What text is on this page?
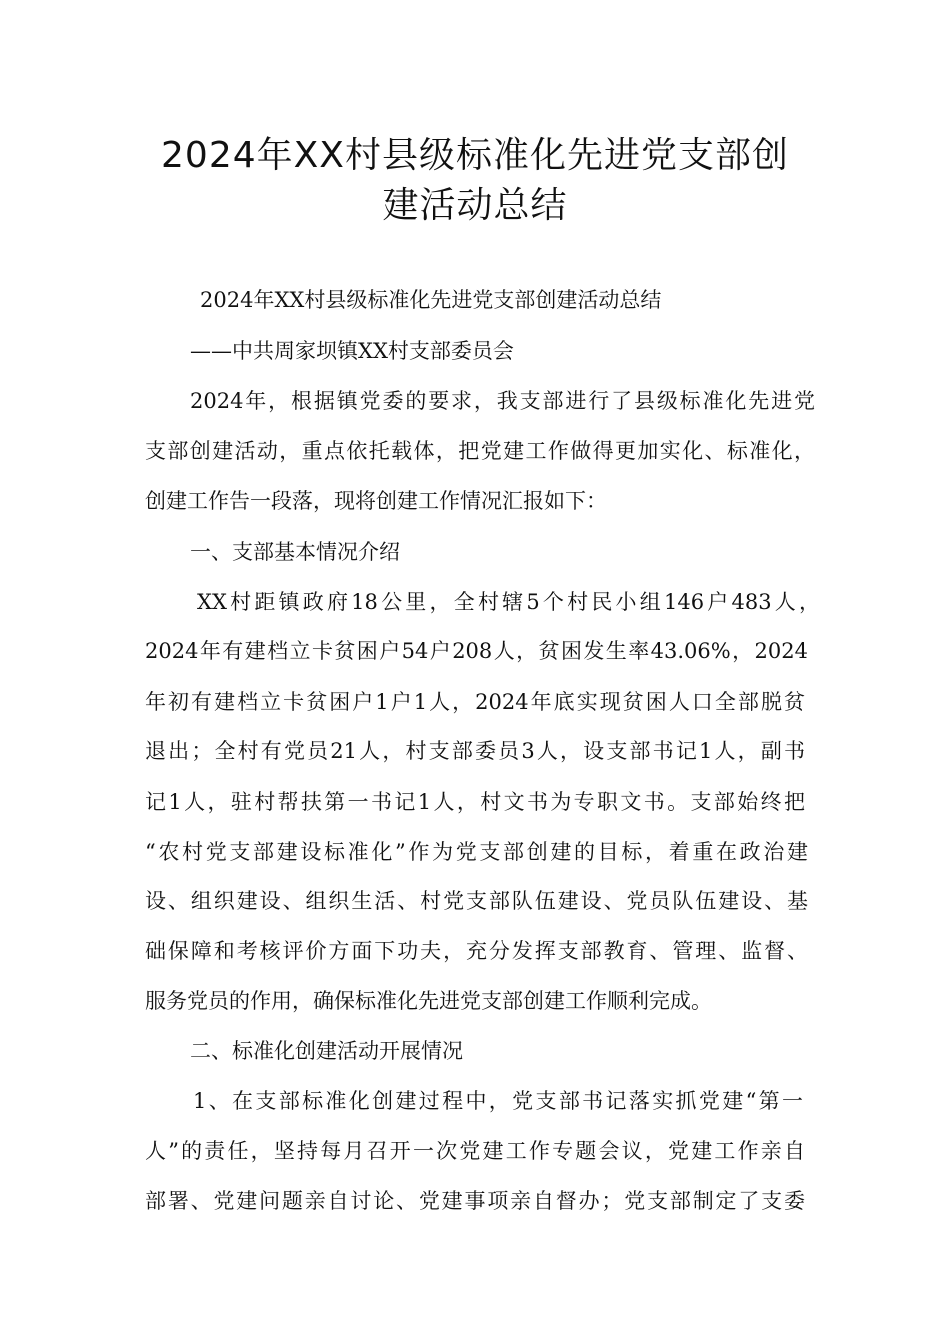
2024年XX村县级标准化先进党支部创
建活动总结

2024年XX村县级标准化先进党支部创建活动总结

——中共周家坝镇XX村支部委员会

2024年，根据镇党委的要求，我支部进行了县级标准化先进党

支部创建活动，重点依托载体，把党建工作做得更加实化、标准化，

创建工作告一段落，现将创建工作情况汇报如下：

一、支部基本情况介绍

XX村距镇政府18公里，全村辖5个村民小组146户483人，

2024年有建档立卡贫困户54户208人，贫困发生率43.06%，2024

年初有建档立卡贫困户1户1人，2024年底实现贫困人口全部脱贫

退出；全村有党员21人，村支部委员3人，设支部书记1人，副书

记1人，驻村帮扶第一书记1人，村文书为专职文书。支部始终把

“农村党支部建设标准化”作为党支部创建的目标，着重在政治建

设、组织建设、组织生活、村党支部队伍建设、党员队伍建设、基

础保障和考核评价方面下功夫，充分发挥支部教育、管理、监督、

服务党员的作用，确保标准化先进党支部创建工作顺利完成。

二、标准化创建活动开展情况

1、在支部标准化创建过程中，党支部书记落实抓党建“第一

人”的责任，坚持每月召开一次党建工作专题会议，党建工作亲自

部署、党建问题亲自讨论、党建事项亲自督办；党支部制定了支委
